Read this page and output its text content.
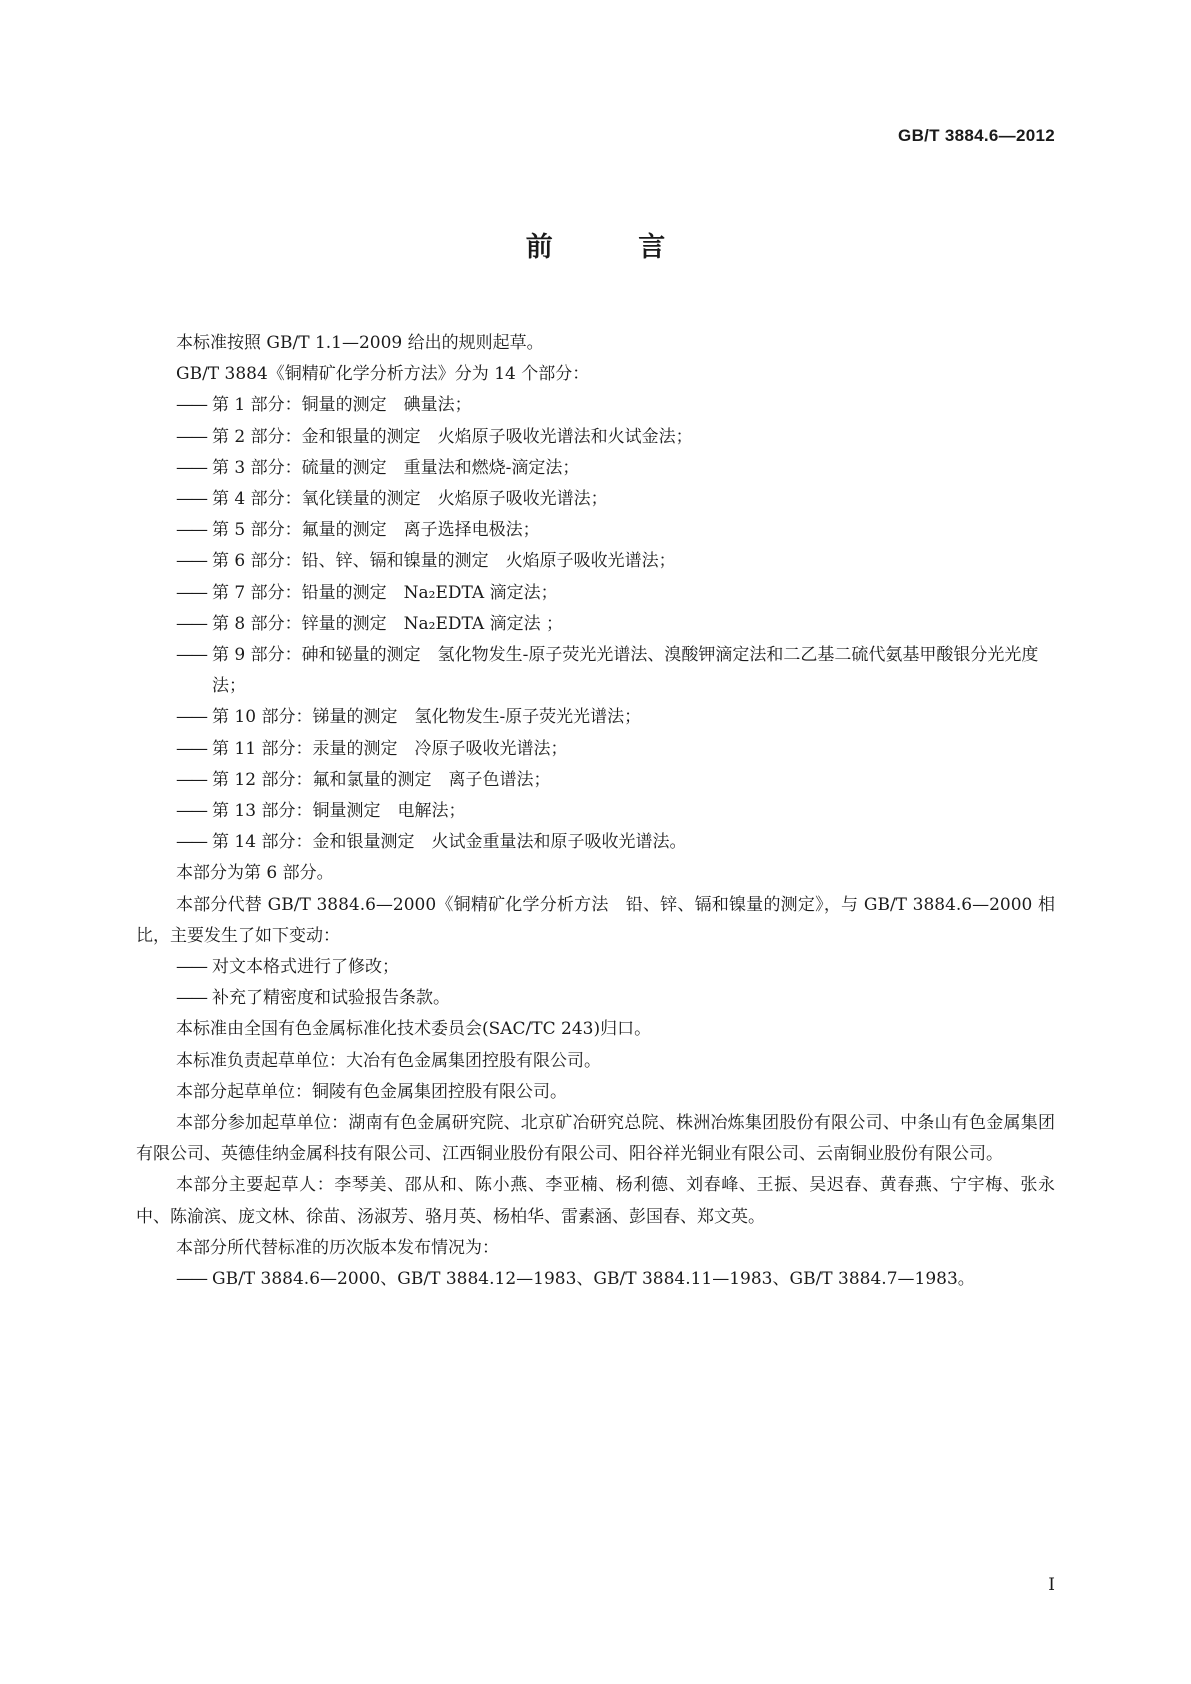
GB/T 3884.6—2012
前 言
本标准按照 GB/T 1.1—2009 给出的规则起草。
GB/T 3884《铜精矿化学分析方法》分为 14 个部分：
—— 第 1 部分：铜量的测定　碘量法；
—— 第 2 部分：金和银量的测定　火焰原子吸收光谱法和火试金法；
—— 第 3 部分：硫量的测定　重量法和燃烧-滴定法；
—— 第 4 部分：氧化镁量的测定　火焰原子吸收光谱法；
—— 第 5 部分：氟量的测定　离子选择电极法；
—— 第 6 部分：铅、锌、镉和镍量的测定　火焰原子吸收光谱法；
—— 第 7 部分：铅量的测定　Na₂EDTA 滴定法；
—— 第 8 部分：锌量的测定　Na₂EDTA 滴定法 ；
—— 第 9 部分：砷和铋量的测定　氢化物发生-原子荧光光谱法、溴酸钾滴定法和二乙基二硫代氨基甲酸银分光光度法；
—— 第 10 部分：锑量的测定　氢化物发生-原子荧光光谱法；
—— 第 11 部分：汞量的测定　冷原子吸收光谱法；
—— 第 12 部分：氟和氯量的测定　离子色谱法；
—— 第 13 部分：铜量测定　电解法；
—— 第 14 部分：金和银量测定　火试金重量法和原子吸收光谱法。
本部分为第 6 部分。
本部分代替 GB/T 3884.6—2000《铜精矿化学分析方法　铅、锌、镉和镍量的测定》，与 GB/T 3884.6—2000 相比，主要发生了如下变动：
—— 对文本格式进行了修改；
—— 补充了精密度和试验报告条款。
本标准由全国有色金属标准化技术委员会(SAC/TC 243)归口。
本标准负责起草单位：大冶有色金属集团控股有限公司。
本部分起草单位：铜陵有色金属集团控股有限公司。
本部分参加起草单位：湖南有色金属研究院、北京矿冶研究总院、株洲冶炼集团股份有限公司、中条山有色金属集团有限公司、英德佳纳金属科技有限公司、江西铜业股份有限公司、阳谷祥光铜业有限公司、云南铜业股份有限公司。
本部分主要起草人：李琴美、邵从和、陈小燕、李亚楠、杨利德、刘春峰、王振、吴迟春、黄春燕、宁宇梅、张永中、陈渝滨、庞文林、徐苗、汤淑芳、骆月英、杨柏华、雷素涵、彭国春、郑文英。
本部分所代替标准的历次版本发布情况为：
—— GB/T 3884.6—2000、GB/T 3884.12—1983、GB/T 3884.11—1983、GB/T 3884.7—1983。
I
